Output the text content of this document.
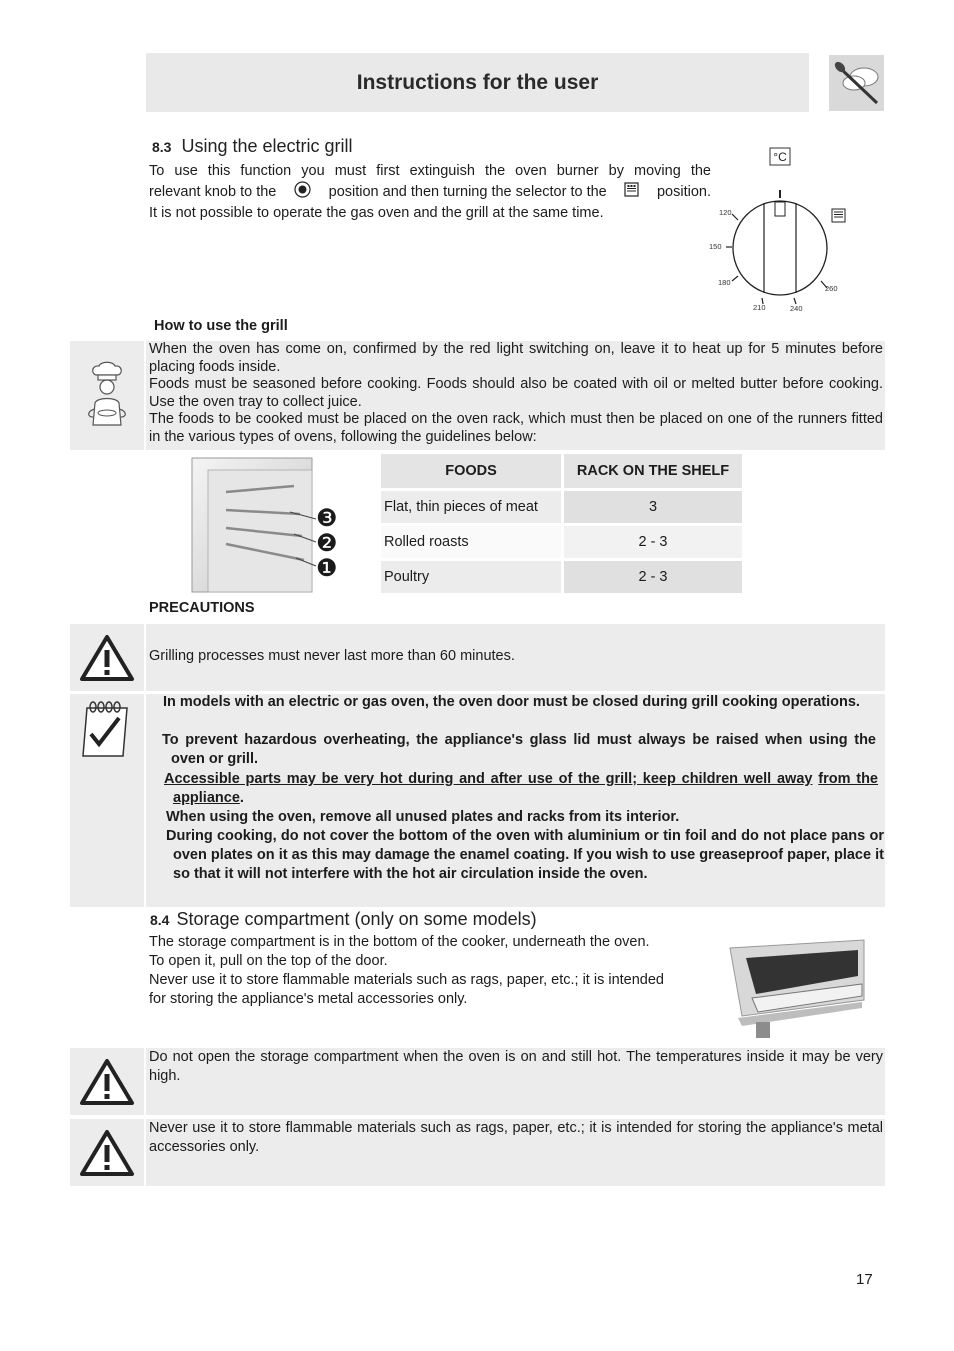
Instructions for the user
8.3 Using the electric grill
To use this function you must first extinguish the oven burner by moving the
relevant knob to the	position and then turning the selector to the	position.
It is not possible to operate the gas oven and the grill at the same time.
°C
120
150
180
210	240
260
How to use the grill
When the oven has come on, confirmed by the red light switching on, leave it to heat up for 5 minutes before placing foods inside.
Foods must be seasoned before cooking. Foods should also be coated with oil or melted butter before cooking. Use the oven tray to collect juice.
The foods to be cooked must be placed on the oven rack, which must then be placed on one of the runners fitted in the various types of ovens, following the guidelines below:
❸
❷
❶
FOODS	RACK ON THE SHELF
Flat, thin pieces of meat	3
Rolled roasts	2 - 3
Poultry	2 - 3
PRECAUTIONS
Grilling processes must never last more than 60 minutes.
In models with an electric or gas oven, the oven door must be closed during grill cooking operations.
To prevent hazardous overheating, the appliance's glass lid must always be raised when using the oven or grill.
Accessible parts may be very hot during and after use of the grill; keep children well away from the appliance.
When using the oven, remove all unused plates and racks from its interior.
During cooking, do not cover the bottom of the oven with aluminium or tin foil and do not place pans or oven plates on it as this may damage the enamel coating. If you wish to use greaseproof paper, place it so that it will not interfere with the hot air circulation inside the oven.
8.4 Storage compartment (only on some models)
The storage compartment is in the bottom of the cooker, underneath the oven.
To open it, pull on the top of the door.
Never use it to store flammable materials such as rags, paper, etc.; it is intended
for storing the appliance's metal accessories only.
Do not open the storage compartment when the oven is on and still hot. The temperatures inside it may be very high.
Never use it to store flammable materials such as rags, paper, etc.; it is intended for storing the appliance's metal accessories only.
17
